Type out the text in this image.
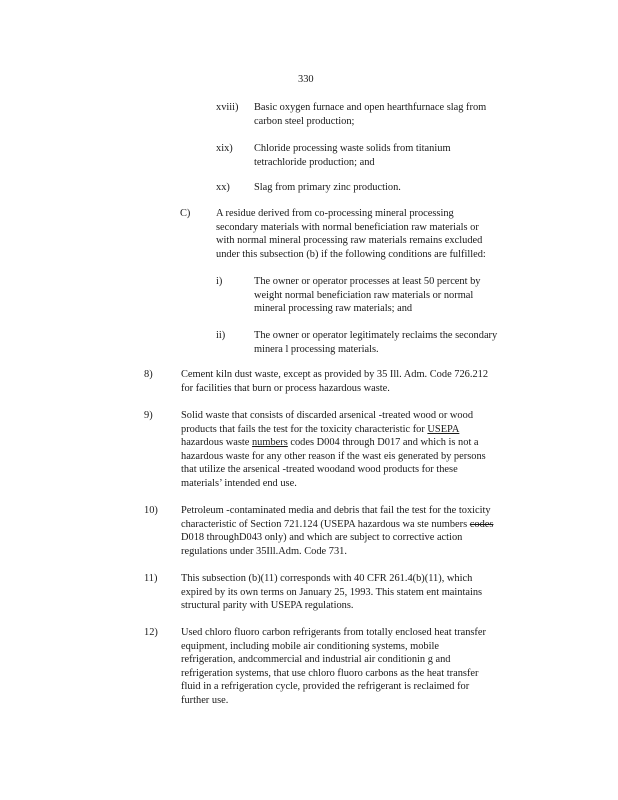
330
xviii) Basic oxygen furnace and open hearthfurnace slag from
carbon steel production;
xix) Chloride processing waste solids from titanium
tetrachloride production; and
xx) Slag from primary zinc production.
C) A residue derived from co-processing mineral processing
secondary materials with normal beneficiation raw materials or
with normal mineral processing raw materials remains excluded
under this subsection (b) if the following conditions are fulfilled:
i)	The owner or operator processes at least 50 percent by
weight normal beneficiation raw materials or normal
mineral processing raw materials; and
ii)	The owner or operator legitimately reclaims the secondary
minera l processing materials.
8)	Cement kiln dust waste, except as provided by 35 Ill. Adm. Code 726.212
for facilities that burn or process hazardous waste.
9)	Solid waste that consists of discarded arsenical -treated wood or wood
products that fails the test for the toxicity characteristic for USEPA
hazardous waste numbers codes D004 through D017 and which is not a
hazardous waste for any other reason if the wast eis generated by persons
that utilize the arsenical -treated woodand wood products for these
materials’ intended end use.
10) Petroleum -contaminated media and debris that fail the test for the toxicity
characteristic of Section 721.124 (USEPA hazardous wa ste numbers codes
D018 throughD043 only) and which are subject to corrective action
regulations under 35Ill.Adm. Code 731.
11) This subsection (b)(11) corresponds with 40 CFR 261.4(b)(11), which
expired by its own terms on January 25, 1993. This statem ent maintains
structural parity with USEPA regulations.
12) Used chloro fluoro carbon refrigerants from totally enclosed heat transfer
equipment, including mobile air conditioning systems, mobile
refrigeration, andcommercial and industrial air conditionin g and
refrigeration systems, that use chloro fluoro carbons as the heat transfer
fluid in a refrigeration cycle, provided the refrigerant is reclaimed for
further use.
